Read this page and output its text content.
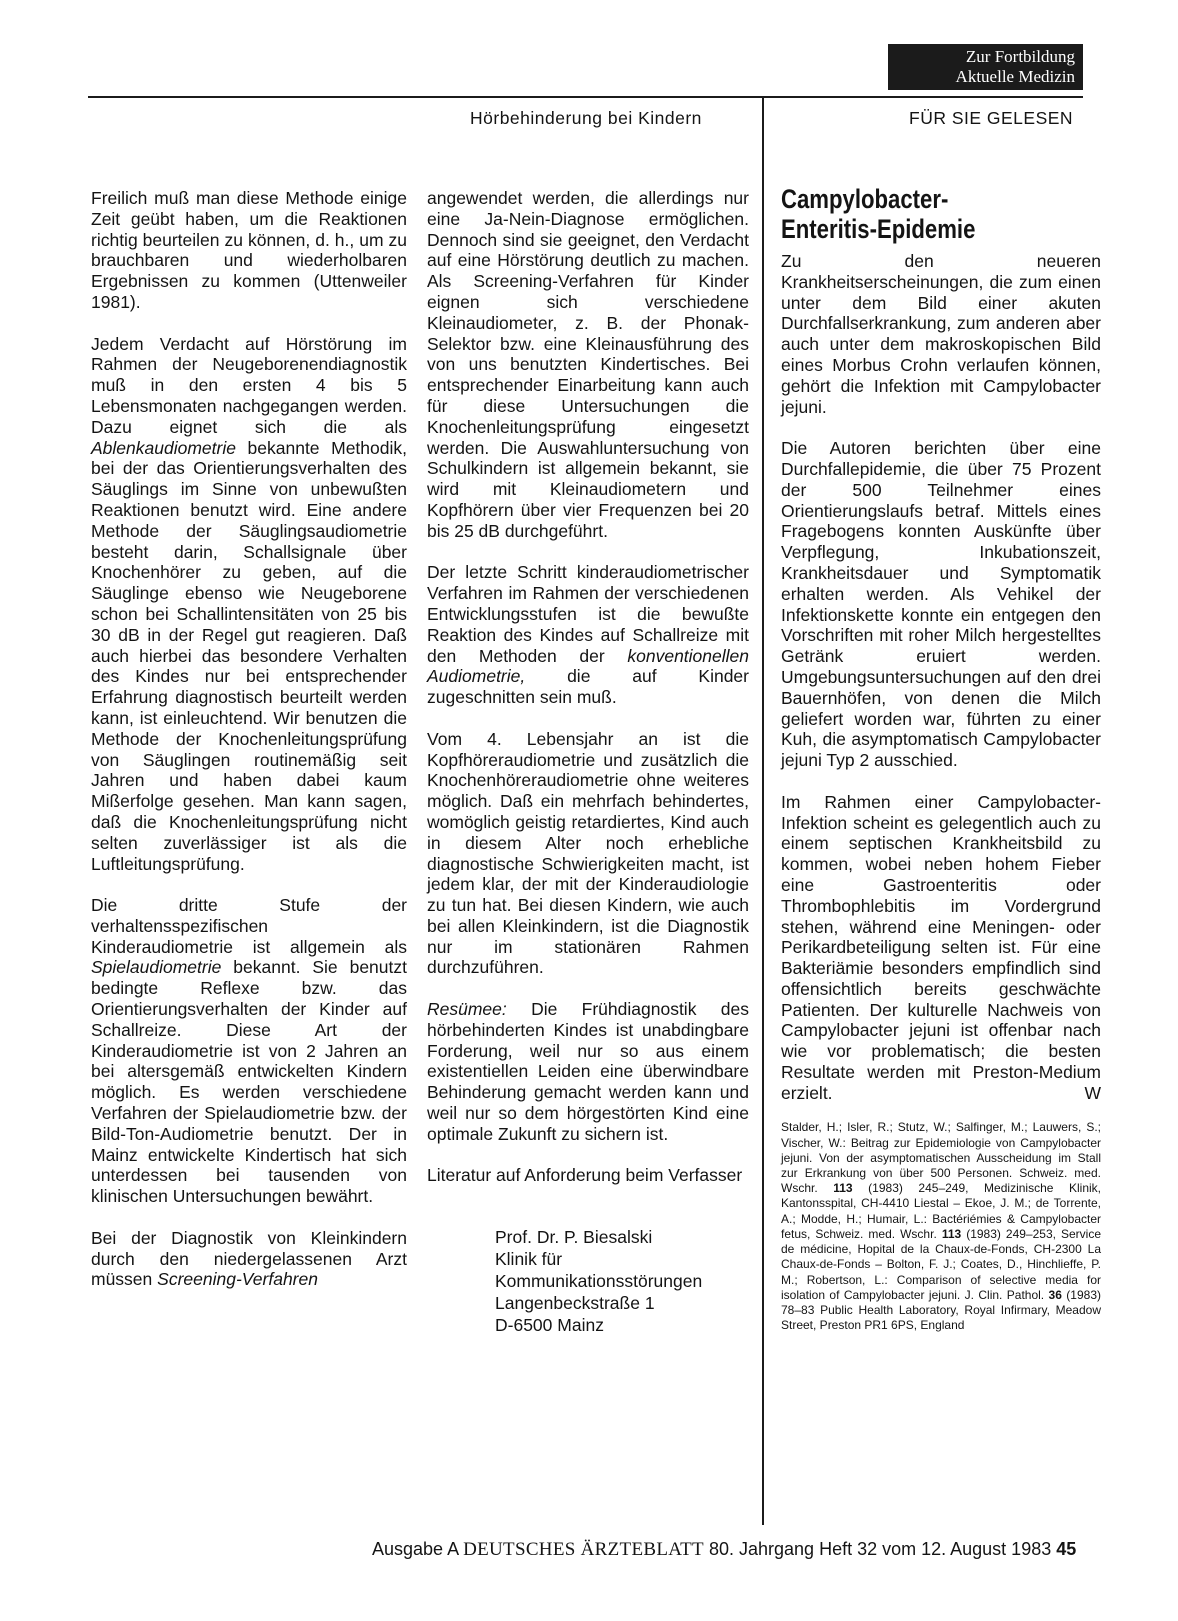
Zur Fortbildung
Aktuelle Medizin
Hörbehinderung bei Kindern	FÜR SIE GELESEN

Freilich muß man diese Methode einige Zeit geübt haben, um die Reaktionen richtig beurteilen zu können, d. h., um zu brauchbaren und wiederholbaren Ergebnissen zu kommen (Uttenweiler 1981).

Jedem Verdacht auf Hörstörung im Rahmen der Neugeborenendiagnostik muß in den ersten 4 bis 5 Lebensmonaten nachgegangen werden. Dazu eignet sich die als Ablenkaudiometrie bekannte Methodik, bei der das Orientierungsverhalten des Säuglings im Sinne von unbewußten Reaktionen benutzt wird. Eine andere Methode der Säuglingsaudiometrie besteht darin, Schallsignale über Knochenhörer zu geben, auf die Säuglinge ebenso wie Neugeborene schon bei Schallintensitäten von 25 bis 30 dB in der Regel gut reagieren. Daß auch hierbei das besondere Verhalten des Kindes nur bei entsprechender Erfahrung diagnostisch beurteilt werden kann, ist einleuchtend. Wir benutzen die Methode der Knochenleitungsprüfung von Säuglingen routinemäßig seit Jahren und haben dabei kaum Mißerfolge gesehen. Man kann sagen, daß die Knochenleitungsprüfung nicht selten zuverlässiger ist als die Luftleitungsprüfung.

Die dritte Stufe der verhaltensspezifischen Kinderaudiometrie ist allgemein als Spielaudiometrie bekannt. Sie benutzt bedingte Reflexe bzw. das Orientierungsverhalten der Kinder auf Schallreize. Diese Art der Kinderaudiometrie ist von 2 Jahren an bei altersgemäß entwickelten Kindern möglich. Es werden verschiedene Verfahren der Spielaudiometrie bzw. der Bild-Ton-Audiometrie benutzt. Der in Mainz entwickelte Kindertisch hat sich unterdessen bei tausenden von klinischen Untersuchungen bewährt.

Bei der Diagnostik von Kleinkindern durch den niedergelassenen Arzt müssen Screening-Verfahren

angewendet werden, die allerdings nur eine Ja-Nein-Diagnose ermöglichen. Dennoch sind sie geeignet, den Verdacht auf eine Hörstörung deutlich zu machen. Als Screening-Verfahren für Kinder eignen sich verschiedene Kleinaudiometer, z. B. der Phonak-Selektor bzw. eine Kleinausführung des von uns benutzten Kindertisches. Bei entsprechender Einarbeitung kann auch für diese Untersuchungen die Knochenleitungsprüfung eingesetzt werden. Die Auswahluntersuchung von Schulkindern ist allgemein bekannt, sie wird mit Kleinaudiometern und Kopfhörern über vier Frequenzen bei 20 bis 25 dB durchgeführt.

Der letzte Schritt kinderaudiometrischer Verfahren im Rahmen der verschiedenen Entwicklungsstufen ist die bewußte Reaktion des Kindes auf Schallreize mit den Methoden der konventionellen Audiometrie, die auf Kinder zugeschnitten sein muß.

Vom 4. Lebensjahr an ist die Kopfhöreraudiometrie und zusätzlich die Knochenhöreraudiometrie ohne weiteres möglich. Daß ein mehrfach behindertes, womöglich geistig retardiertes, Kind auch in diesem Alter noch erhebliche diagnostische Schwierigkeiten macht, ist jedem klar, der mit der Kinderaudiologie zu tun hat. Bei diesen Kindern, wie auch bei allen Kleinkindern, ist die Diagnostik nur im stationären Rahmen durchzuführen.

Resümee: Die Frühdiagnostik des hörbehinderten Kindes ist unabdingbare Forderung, weil nur so aus einem existentiellen Leiden eine überwindbare Behinderung gemacht werden kann und weil nur so dem hörgestörten Kind eine optimale Zukunft zu sichern ist.

Literatur auf Anforderung beim Verfasser

Prof. Dr. P. Biesalski
Klinik für
Kommunikationsstörungen
Langenbeckstraße 1
D-6500 Mainz
Campylobacter-
Enteritis-Epidemie

Zu den neueren Krankheitserscheinungen, die zum einen unter dem Bild einer akuten Durchfallserkrankung, zum anderen aber auch unter dem makroskopischen Bild eines Morbus Crohn verlaufen können, gehört die Infektion mit Campylobacter jejuni.

Die Autoren berichten über eine Durchfallepidemie, die über 75 Prozent der 500 Teilnehmer eines Orientierungslaufs betraf. Mittels eines Fragebogens konnten Auskünfte über Verpflegung, Inkubationszeit, Krankheitsdauer und Symptomatik erhalten werden. Als Vehikel der Infektionskette konnte ein entgegen den Vorschriften mit roher Milch hergestelltes Getränk eruiert werden. Umgebungsuntersuchungen auf den drei Bauernhöfen, von denen die Milch geliefert worden war, führten zu einer Kuh, die asymptomatisch Campylobacter jejuni Typ 2 ausschied.

Im Rahmen einer Campylobacter-Infektion scheint es gelegentlich auch zu einem septischen Krankheitsbild zu kommen, wobei neben hohem Fieber eine Gastroenteritis oder Thrombophlebitis im Vordergrund stehen, während eine Meningen- oder Perikardbeteiligung selten ist. Für eine Bakteriämie besonders empfindlich sind offensichtlich bereits geschwächte Patienten. Der kulturelle Nachweis von Campylobacter jejuni ist offenbar nach wie vor problematisch; die besten Resultate werden mit Preston-Medium erzielt.	W

Stalder, H.; Isler, R.; Stutz, W.; Salfinger, M.; Lauwers, S.; Vischer, W.: Beitrag zur Epidemiologie von Campylobacter jejuni. Von der asymptomatischen Ausscheidung im Stall zur Erkrankung von über 500 Personen. Schweiz. med. Wschr. 113 (1983) 245–249, Medizinische Klinik, Kantonsspital, CH-4410 Liestal – Ekoe, J. M.; de Torrente, A.; Modde, H.; Humair, L.: Bactériémies & Campylobacter fetus, Schweiz. med. Wschr. 113 (1983) 249–253, Service de médicine, Hopital de la Chaux-de-Fonds, CH-2300 La Chaux-de-Fonds – Bolton, F. J.; Coates, D., Hinchlieffe, P. M.; Robertson, L.: Comparison of selective media for isolation of Campylobacter jejuni. J. Clin. Pathol. 36 (1983) 78–83 Public Health Laboratory, Royal Infirmary, Meadow Street, Preston PR1 6PS, England
Ausgabe A DEUTSCHES ÄRZTEBLATT 80. Jahrgang Heft 32 vom 12. August 1983 45
